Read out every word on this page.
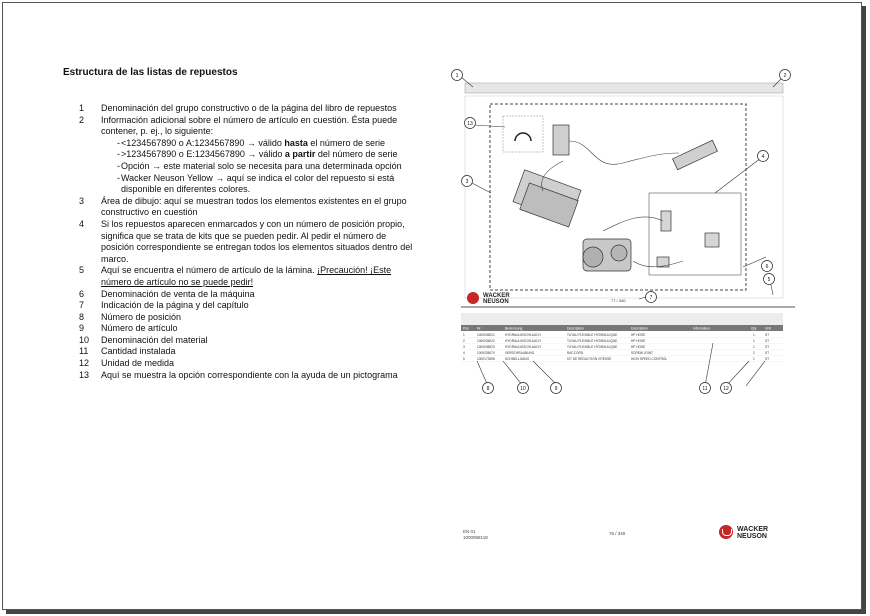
Estructura de las listas de repuestos
1 Denominación del grupo constructivo o de la página del libro de repuestos
2 Información adicional sobre el número de artículo en cuestión. Ésta puede contener, p. ej., lo siguiente:
- <1234567890 o A:1234567890 → válido hasta el número de serie
- >1234567890 o E:1234567890 → válido a partir del número de serie
- Opción → este material solo se necesita para una determinada opción
- Wacker Neuson Yellow → aquí se indica el color del repuesto si está disponible en diferentes colores.
3 Área de dibujo: aquí se muestran todos los elementos existentes en el grupo constructivo en cuestión
4 Si los repuestos aparecen enmarcados y con un número de posición propio, significa que se trata de kits que se pueden pedir. Al pedir el número de posición correspondiente se entregan todos los elementos situados dentro del marco.
5 Aquí se encuentra el número de artículo de la lámina. ¡Precaución! ¡Este número de artículo no se puede pedir!
6 Denominación de venta de la máquina
7 Indicación de la página y del capítulo
8 Número de posición
9 Número de artículo
10 Denominación del material
11 Cantidad instalada
12 Unidad de medida
13 Aquí se muestra la opción correspondiente con la ayuda de un pictograma
WACKER
NEUSON	77 / 340
Pos Nr	Benennung	Description	Description	Information	Qty	Unit
1	1000035021	HYDRAULIKSCHLAUCH	TUYAU FLEXIBLE HYDRAULIQUE	HP HOSE	1	ST
2	1000035022	HYDRAULIKSCHLAUCH	TUYAU FLEXIBLE HYDRAULIQUE	HP HOSE	1	ST
3	1000035023	HYDRAULIKSCHLAUCH	TUYAU FLEXIBLE HYDRAULIQUE	HP HOSE	1	ST
4	1000035070	VERSCHRAUBUNG	RACCORD	SCREW JOINT	2	ST
5	1000173398	SCHNELLGANG	KIT DE RÉDUCTION VITESSE	HIGH SPEED CONTROL	1	ST
1	2
13
3
4
5
7
6
8	10	11	12
9
EN 01
1000058118
76 / 340
WACKER
NEUSON
